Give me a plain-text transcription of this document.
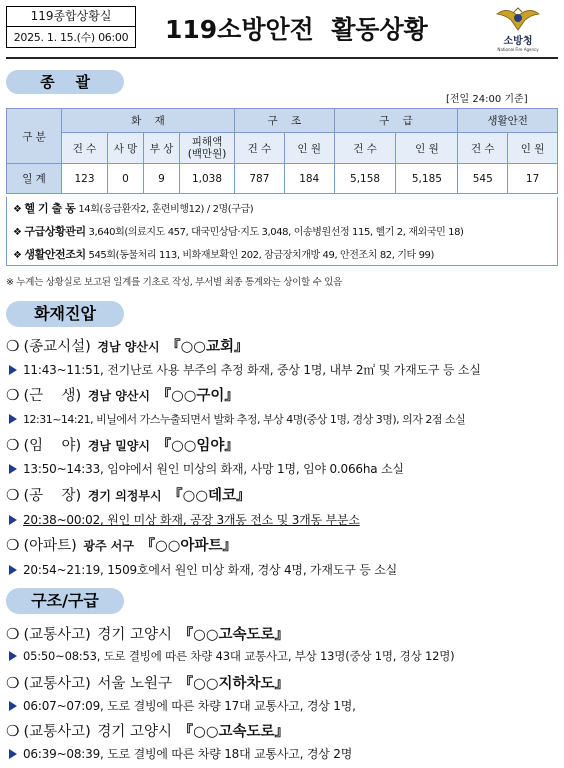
119종합상황실
2025. 1. 15.(수) 06:00 119소방안전  활동상황	소방청
National Fire Agency
종    괄
[전일 24:00 기준]
구 분	화    재				구    조		구    급		생활안전	
	건 수	사 망	부 상	피해액
(백만원)	건 수	인 원	건 수	인 원	건 수	인 원
일 계	123	0	9	1,038	787	184	5,158	5,185	545	17
❖ 헬 기 출 동 14회(응급환자2, 훈련비행12) / 2명(구급)
❖ 구급상황관리 3,640회(의료지도 457, 대국민상담·지도 3,048, 이송병원선정 115, 헬기 2, 재외국민 18)
❖ 생활안전조치 545회(동물처리 113, 비화재보확인 202, 잠금장치개방 49, 안전조치 82, 기타 99)
※ 누계는 상황실로 보고된 일계를 기초로 작성, 부서별 최종 통계와는 상이할 수 있음
화재진압
❍ (종교시설) 경남 양산시 『○○교회』
11:43~11:51, 전기난로 사용 부주의 추정 화재, 중상 1명, 내부 2㎡ 및 가재도구 등 소실
❍ (근    생) 경남 양산시 『○○구이』
12:31~14:21, 비닐에서 가스누출되면서 발화 추정, 부상 4명(중상 1명, 경상 3명), 의자 2점 소실
❍ (임    야) 경남 밀양시 『○○임야』
13:50~14:33, 임야에서 원인 미상의 화재, 사망 1명, 임야 0.066ha 소실
❍ (공    장) 경기 의정부시 『○○데코』
20:38~00:02, 원인 미상 화재, 공장 3개동 전소 및 3개동 부분소
❍ (아파트) 광주 서구 『○○아파트』
20:54~21:19, 1509호에서 원인 미상 화재, 경상 4명, 가재도구 등 소실
구조/구급
❍ (교통사고) 경기 고양시 『○○고속도로』
05:50~08:53, 도로 결빙에 따른 차량 43대 교통사고, 부상 13명(중상 1명, 경상 12명)
❍ (교통사고) 서울 노원구 『○○지하차도』
06:07~07:09, 도로 결빙에 따른 차량 17대 교통사고, 경상 1명,
❍ (교통사고) 경기 고양시 『○○고속도로』
06:39~08:39, 도로 결빙에 따른 차량 18대 교통사고, 경상 2명
